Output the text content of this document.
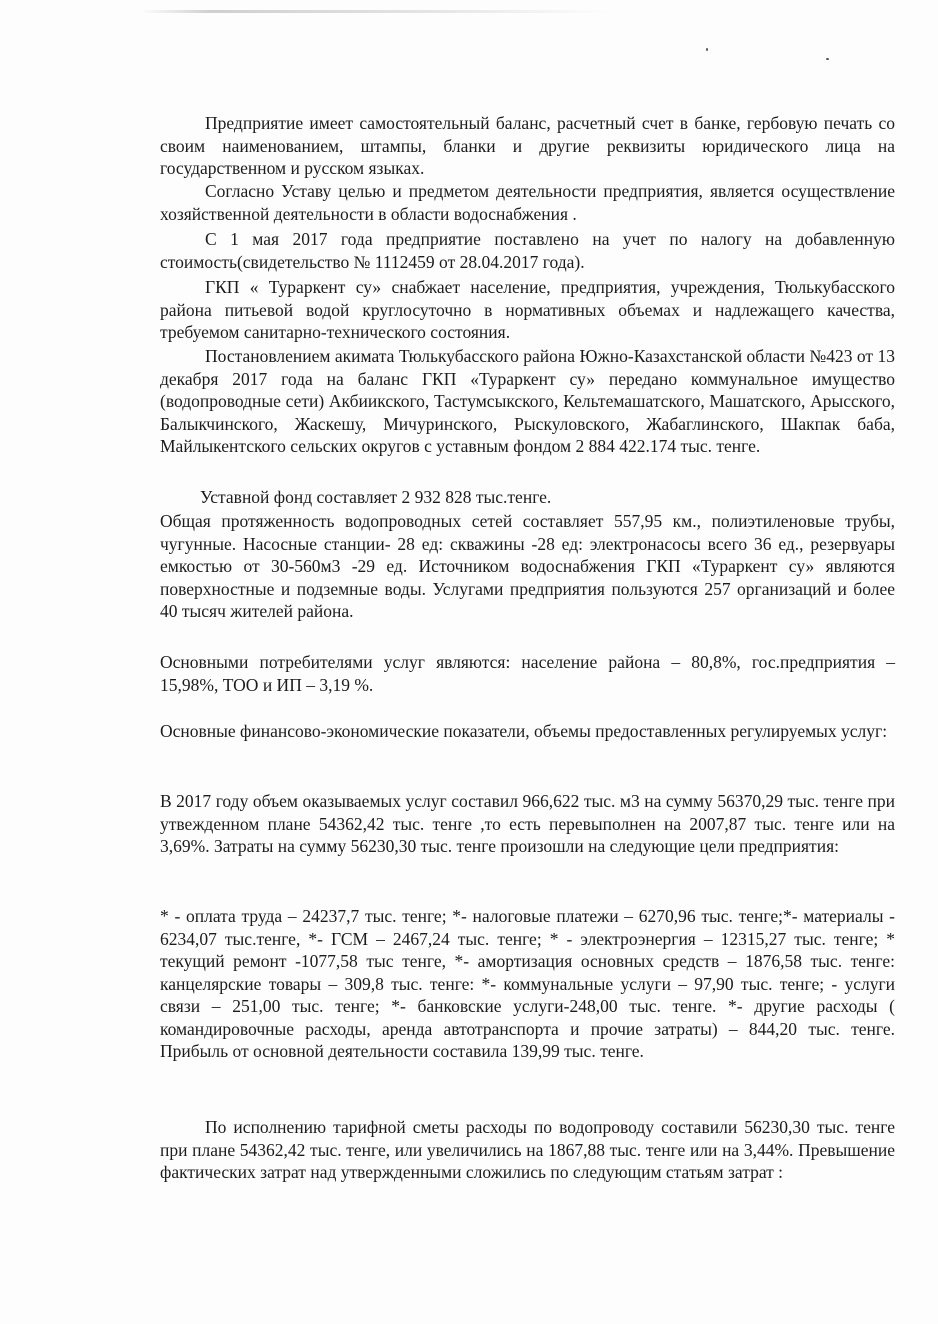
Предприятие имеет самостоятельный баланс, расчетный счет в банке, гербовую печать со своим наименованием, штампы, бланки и другие реквизиты юридического лица на государственном и русском языках.

Согласно Уставу целью и предметом деятельности предприятия, является осуществление хозяйственной деятельности в области водоснабжения .

С 1 мая 2017 года предприятие поставлено на учет по налогу на добавленную стоимость(свидетельство № 1112459 от 28.04.2017 года).

ГКП « Тураркент су» снабжает население, предприятия, учреждения, Тюлькубасского района питьевой водой круглосуточно в нормативных объемах и надлежащего качества, требуемом санитарно-технического состояния.

Постановлением акимата Тюлькубасского района Южно-Казахстанской области №423 от 13 декабря 2017 года на баланс ГКП «Тураркент су» передано коммунальное имущество (водопроводные сети) Акбиикского, Тастумсыкского, Кельтемашатского, Машатского, Арысского, Балыкчинского, Жаскешу, Мичуринского, Рыскуловского, Жабаглинского, Шакпак баба, Майлыкентского сельских округов с уставным фондом 2 884 422.174 тыс. тенге.

Уставной фонд составляет 2 932 828 тыс.тенге.

Общая протяженность водопроводных сетей составляет 557,95 км., полиэтиленовые трубы, чугунные. Насосные станции- 28 ед: скважины -28 ед: электронасосы всего 36 ед., резервуары емкостью от 30-560м3 -29 ед. Источником водоснабжения ГКП «Тураркент су» являются поверхностные и подземные воды. Услугами предприятия пользуются 257 организаций и более 40 тысяч жителей района.

Основными потребителями услуг являются: население района – 80,8%, гос.предприятия – 15,98%, ТОО и ИП – 3,19 %.

Основные финансово-экономические показатели, объемы предоставленных регулируемых услуг:

В 2017 году объем оказываемых услуг составил 966,622 тыс. м3 на сумму 56370,29 тыс. тенге при утвежденном плане 54362,42 тыс. тенге ,то есть перевыполнен на 2007,87 тыс. тенге или на 3,69%. Затраты на сумму 56230,30 тыс. тенге произошли на следующие цели предприятия:

* - оплата труда – 24237,7 тыс. тенге; *- налоговые платежи – 6270,96 тыс. тенге;*- материалы - 6234,07 тыс.тенге, *- ГСМ – 2467,24 тыс. тенге; * - электроэнергия – 12315,27 тыс. тенге; * текущий ремонт -1077,58 тыс тенге, *- амортизация основных средств – 1876,58 тыс. тенге: канцелярские товары – 309,8 тыс. тенге: *- коммунальные услуги – 97,90 тыс. тенге; - услуги связи – 251,00 тыс. тенге; *- банковские услуги-248,00 тыс. тенге. *- другие расходы ( командировочные расходы, аренда автотранспорта и прочие затраты) – 844,20 тыс. тенге. Прибыль от основной деятельности составила 139,99 тыс. тенге.

По исполнению тарифной сметы расходы по водопроводу составили 56230,30 тыс. тенге при плане 54362,42 тыс. тенге, или увеличились на 1867,88 тыс. тенге или на 3,44%. Превышение фактических затрат над утвержденными сложились по следующим статьям затрат :
